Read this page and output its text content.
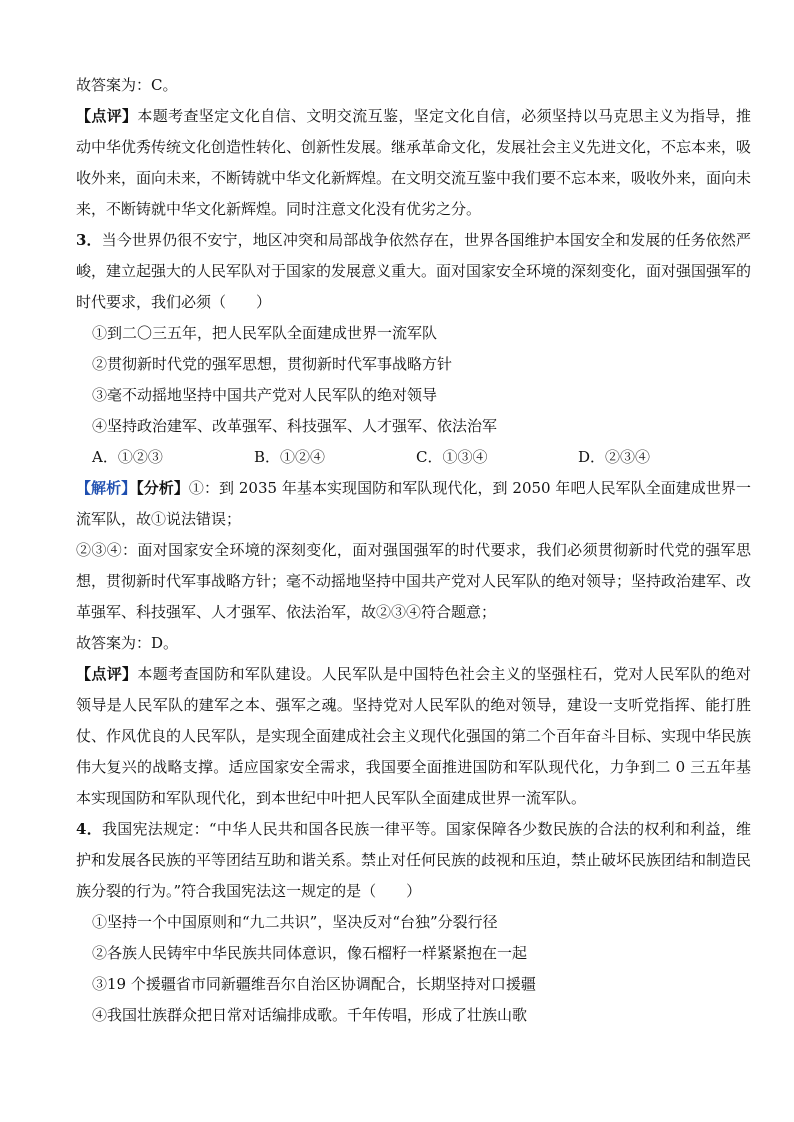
故答案为：C。

【点评】本题考查坚定文化自信、文明交流互鉴，坚定文化自信，必须坚持以马克思主义为指导，推动中华优秀传统文化创造性转化、创新性发展。继承革命文化，发展社会主义先进文化，不忘本来，吸收外来，面向未来，不断铸就中华文化新辉煌。在文明交流互鉴中我们要不忘本来，吸收外来，面向未来，不断铸就中华文化新辉煌。同时注意文化没有优劣之分。

3．当今世界仍很不安宁，地区冲突和局部战争依然存在，世界各国维护本国安全和发展的任务依然严峻，建立起强大的人民军队对于国家的发展意义重大。面对国家安全环境的深刻变化，面对强国强军的时代要求，我们必须（　　）

①到二〇三五年，把人民军队全面建成世界一流军队

②贯彻新时代党的强军思想，贯彻新时代军事战略方针

③毫不动摇地坚持中国共产党对人民军队的绝对领导

④坚持政治建军、改革强军、科技强军、人才强军、依法治军

A．①②③	B．①②④	C．①③④	D．②③④

【解析】【分析】①：到 2035 年基本实现国防和军队现代化，到 2050 年吧人民军队全面建成世界一流军队，故①说法错误；

②③④：面对国家安全环境的深刻变化，面对强国强军的时代要求，我们必须贯彻新时代党的强军思想，贯彻新时代军事战略方针；毫不动摇地坚持中国共产党对人民军队的绝对领导；坚持政治建军、改革强军、科技强军、人才强军、依法治军，故②③④符合题意；

故答案为：D。

【点评】本题考查国防和军队建设。人民军队是中国特色社会主义的坚强柱石，党对人民军队的绝对领导是人民军队的建军之本、强军之魂。坚持党对人民军队的绝对领导，建设一支听党指挥、能打胜仗、作风优良的人民军队，是实现全面建成社会主义现代化强国的第二个百年奋斗目标、实现中华民族伟大复兴的战略支撑。适应国家安全需求，我国要全面推进国防和军队现代化，力争到二 0 三五年基本实现国防和军队现代化，到本世纪中叶把人民军队全面建成世界一流军队。

4．我国宪法规定：“中华人民共和国各民族一律平等。国家保障各少数民族的合法的权利和利益，维护和发展各民族的平等团结互助和谐关系。禁止对任何民族的歧视和压迫，禁止破坏民族团结和制造民族分裂的行为。”符合我国宪法这一规定的是（　　）

①坚持一个中国原则和“九二共识”，坚决反对“台独”分裂行径

②各族人民铸牢中华民族共同体意识，像石榴籽一样紧紧抱在一起

③19 个援疆省市同新疆维吾尔自治区协调配合，长期坚持对口援疆

④我国壮族群众把日常对话编排成歌。千年传唱，形成了壮族山歌
